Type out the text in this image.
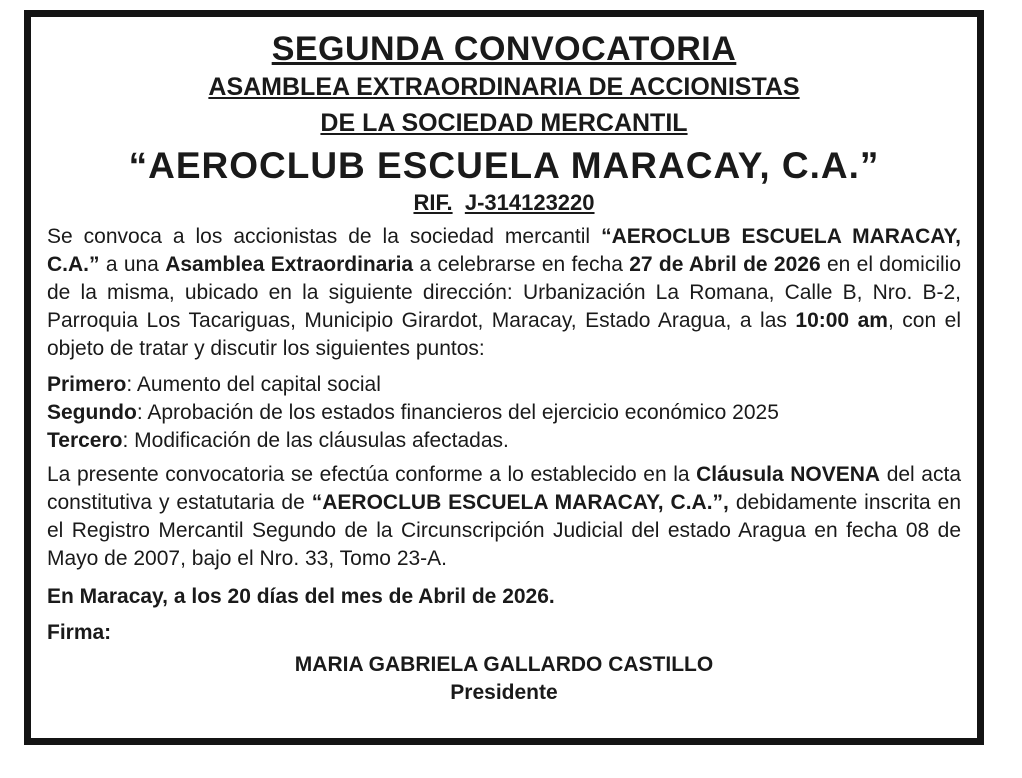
SEGUNDA CONVOCATORIA
ASAMBLEA EXTRAORDINARIA DE ACCIONISTAS
DE LA SOCIEDAD MERCANTIL
“AEROCLUB ESCUELA MARACAY, C.A.”
RIF. J-314123220
Se convoca a los accionistas de la sociedad mercantil “AEROCLUB ESCUELA MARACAY, C.A.” a una Asamblea Extraordinaria a celebrarse en fecha 27 de Abril de 2026 en el domicilio de la misma, ubicado en la siguiente dirección: Urbanización La Romana, Calle B, Nro. B-2, Parroquia Los Tacariguas, Municipio Girardot, Maracay, Estado Aragua, a las 10:00 am, con el objeto de tratar y discutir los siguientes puntos:
Primero: Aumento del capital social
Segundo: Aprobación de los estados financieros del ejercicio económico 2025
Tercero: Modificación de las cláusulas afectadas.
La presente convocatoria se efectúa conforme a lo establecido en la Cláusula NOVENA del acta constitutiva y estatutaria de “AEROCLUB ESCUELA MARACAY, C.A.”, debidamente inscrita en el Registro Mercantil Segundo de la Circunscripción Judicial del estado Aragua en fecha 08 de Mayo de 2007, bajo el Nro. 33, Tomo 23-A.
En Maracay, a los 20 días del mes de Abril de 2026.
Firma:
MARIA GABRIELA GALLARDO CASTILLO
Presidente
